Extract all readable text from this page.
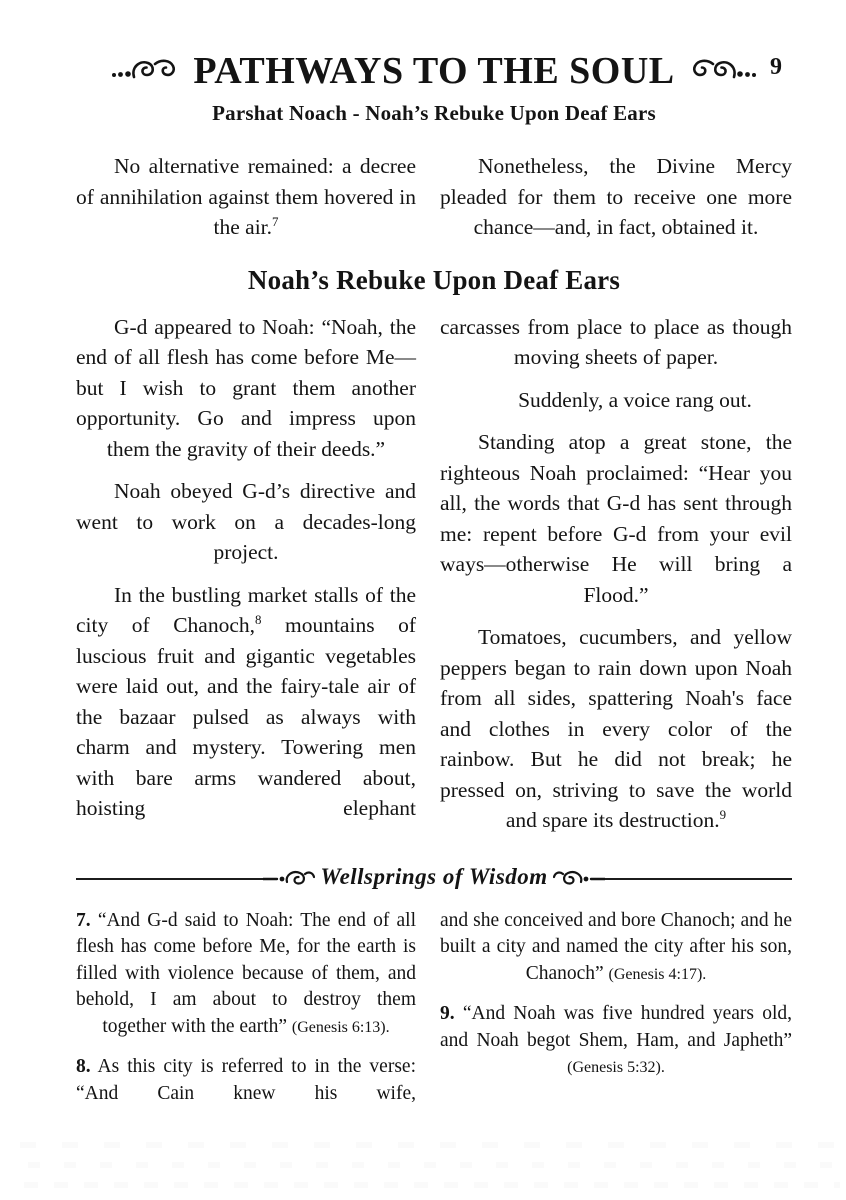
PATHWAYS TO THE SOUL	9
Parshat Noach - Noah’s Rebuke Upon Deaf Ears

No alternative remained: a decree of annihilation against them hovered in the air.$^7$

Nonetheless, the Divine Mercy pleaded for them to receive one more chance—and, in fact, obtained it.

Noah’s Rebuke Upon Deaf Ears

G-d appeared to Noah: “Noah, the end of all flesh has come before Me—but I wish to grant them another opportunity. Go and impress upon them the gravity of their deeds.”

Noah obeyed G-d’s directive and went to work on a decades-long project.

In the bustling market stalls of the city of Chanoch,$^8$ mountains of luscious fruit and gigantic vegetables were laid out, and the fairy-tale air of the bazaar pulsed as always with charm and mystery. Towering men with bare arms wandered about, hoisting elephant

carcasses from place to place as though moving sheets of paper.

Suddenly, a voice rang out.

Standing atop a great stone, the righteous Noah proclaimed: “Hear you all, the words that G-d has sent through me: repent before G-d from your evil ways—otherwise He will bring a Flood.”

Tomatoes, cucumbers, and yellow peppers began to rain down upon Noah from all sides, spattering Noah's face and clothes in every color of the rainbow. But he did not break; he pressed on, striving to save the world and spare its destruction.$^9$

Wellsprings of Wisdom

7. “And G-d said to Noah: The end of all flesh has come before Me, for the earth is filled with violence because of them, and behold, I am about to destroy them together with the earth” (Genesis 6:13).

8. As this city is referred to in the verse: “And Cain knew his wife,

and she conceived and bore Chanoch; and he built a city and named the city after his son, Chanoch” (Genesis 4:17).

9. “And Noah was five hundred years old, and Noah begot Shem, Ham, and Japheth” (Genesis 5:32).
